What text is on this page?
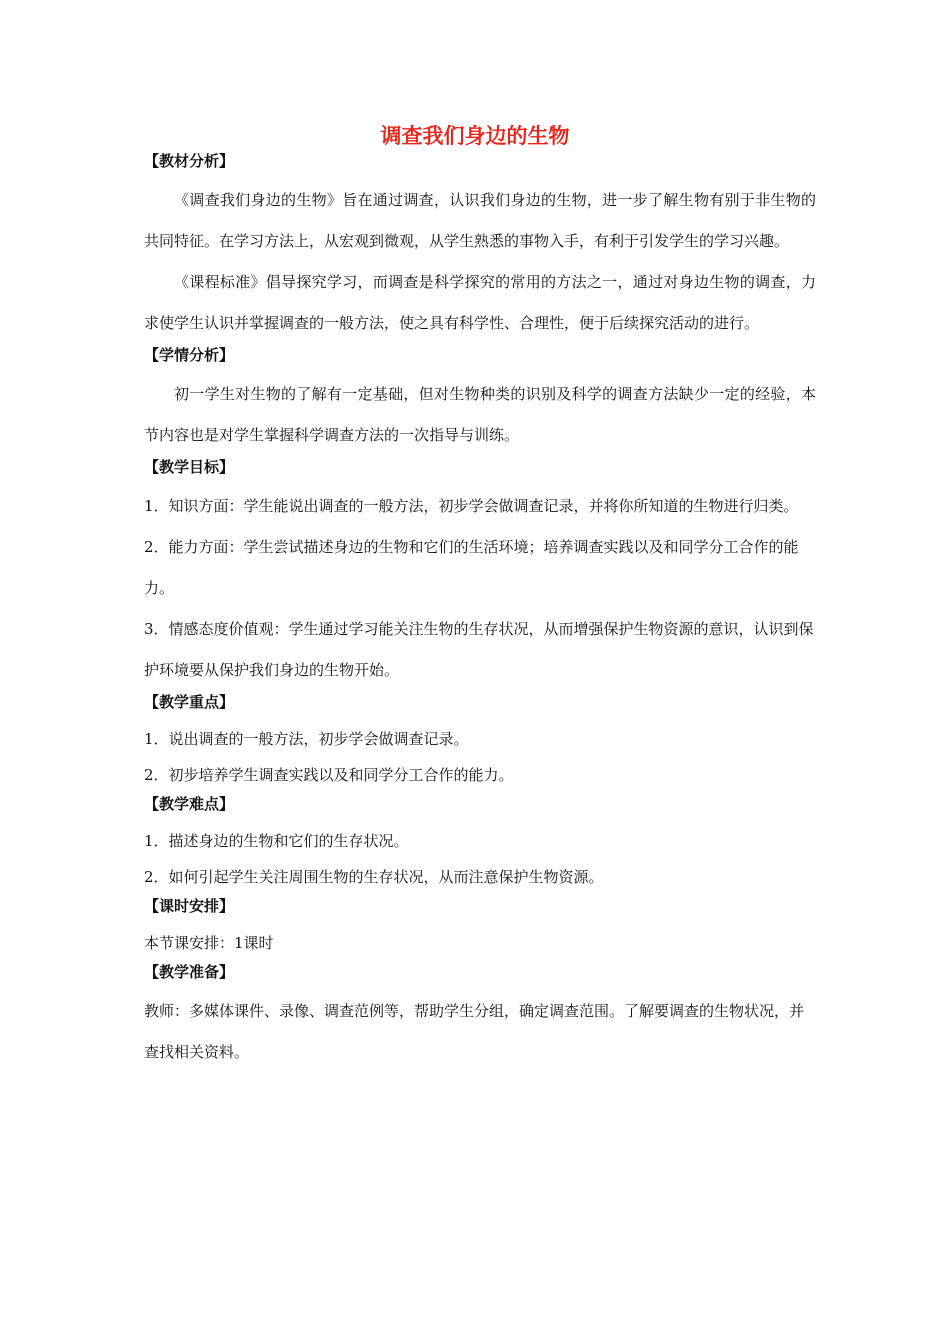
调查我们身边的生物
【教材分析】

《调查我们身边的生物》旨在通过调查，认识我们身边的生物，进一步了解生物有别于非生物的共同特征。在学习方法上，从宏观到微观，从学生熟悉的事物入手，有利于引发学生的学习兴趣。

《课程标准》倡导探究学习，而调查是科学探究的常用的方法之一，通过对身边生物的调查，力求使学生认识并掌握调查的一般方法，使之具有科学性、合理性，便于后续探究活动的进行。

【学情分析】

初一学生对生物的了解有一定基础，但对生物种类的识别及科学的调查方法缺少一定的经验，本节内容也是对学生掌握科学调查方法的一次指导与训练。

【教学目标】

1．知识方面：学生能说出调查的一般方法，初步学会做调查记录，并将你所知道的生物进行归类。

2．能力方面：学生尝试描述身边的生物和它们的生活环境；培养调查实践以及和同学分工合作的能力。

3．情感态度价值观：学生通过学习能关注生物的生存状况，从而增强保护生物资源的意识，认识到保护环境要从保护我们身边的生物开始。

【教学重点】

1．说出调查的一般方法，初步学会做调查记录。

2．初步培养学生调查实践以及和同学分工合作的能力。

【教学难点】

1．描述身边的生物和它们的生存状况。

2．如何引起学生关注周围生物的生存状况，从而注意保护生物资源。

【课时安排】

本节课安排：1课时

【教学准备】

教师：多媒体课件、录像、调查范例等，帮助学生分组，确定调查范围。了解要调查的生物状况，并查找相关资料。
